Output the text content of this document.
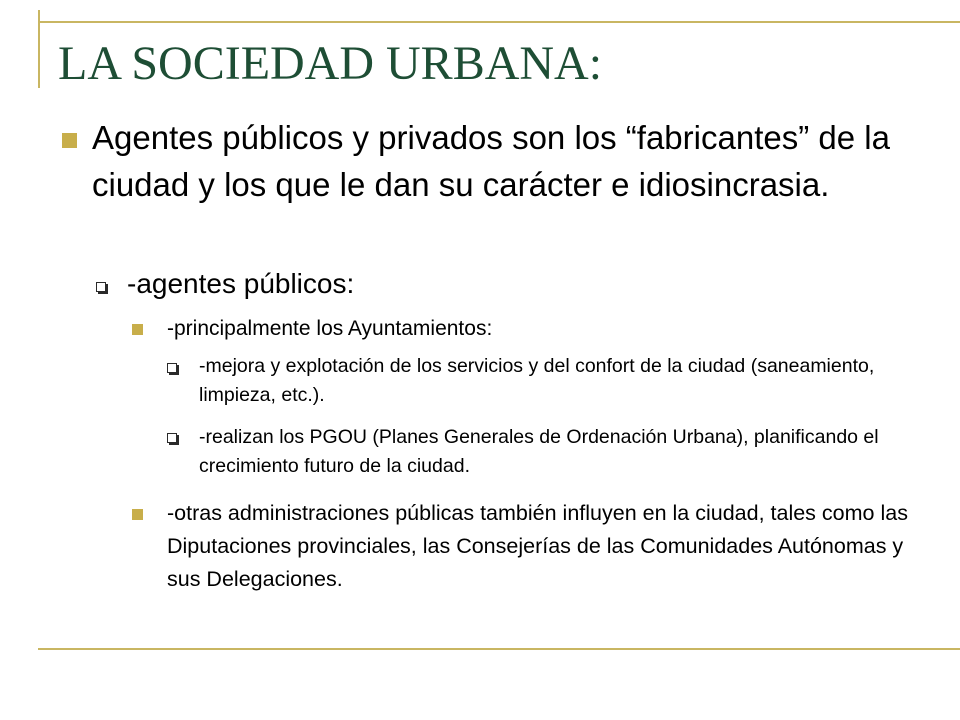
LA SOCIEDAD URBANA:

Agentes públicos y privados son los “fabricantes” de la ciudad y los que le dan su carácter e idiosincrasia.

-agentes públicos:

-principalmente los Ayuntamientos:

-mejora y explotación de los servicios y del confort de la ciudad (saneamiento, limpieza, etc.).

-realizan los PGOU (Planes Generales de Ordenación Urbana), planificando el crecimiento futuro de la ciudad.

-otras administraciones públicas también influyen en la ciudad, tales como las Diputaciones provinciales, las Consejerías de las Comunidades Autónomas y sus Delegaciones.
